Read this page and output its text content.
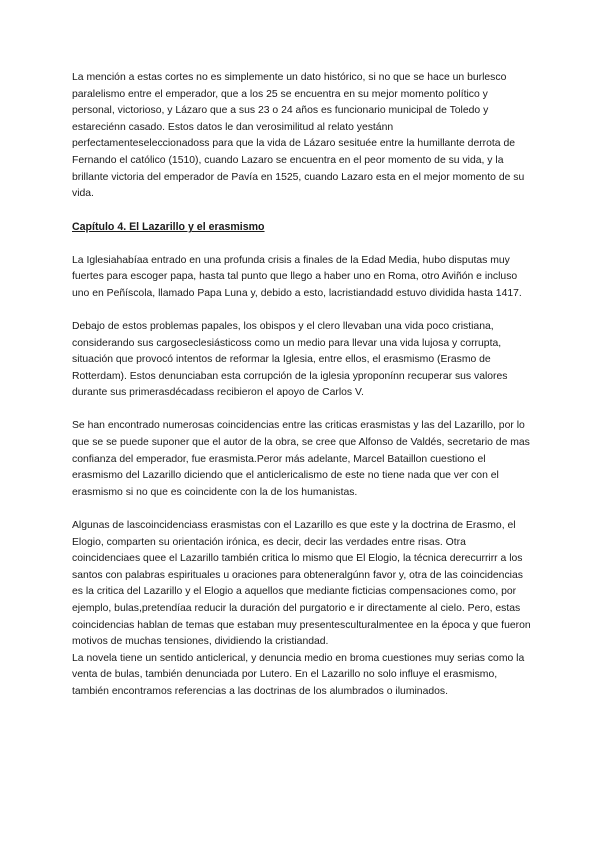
La mención a estas cortes no es simplemente un dato histórico, si no que se hace un burlesco paralelismo entre el emperador, que a los 25 se encuentra en su mejor momento político y personal, victorioso, y Lázaro que a sus 23 o 24 años es funcionario municipal de Toledo y estareciénn casado. Estos datos le dan verosimilitud al relato yestánn perfectamenteseleccionadoss para que la vida de Lázaro sesituée entre la humillante derrota de Fernando el católico (1510), cuando Lazaro se encuentra en el peor momento de su vida, y la brillante victoria del emperador de Pavía en 1525, cuando Lazaro esta en el mejor momento de su vida.

Capítulo 4. El Lazarillo y el erasmismo

La Iglesiahabíaa entrado en una profunda crisis a finales de la Edad Media, hubo disputas muy fuertes para escoger papa, hasta tal punto que llego a haber uno en Roma, otro Aviñón e incluso uno en Peñíscola, llamado Papa Luna y, debido a esto, lacristiandadd estuvo dividida hasta 1417.

Debajo de estos problemas papales, los obispos y el clero llevaban una vida poco cristiana, considerando sus cargoseclesiásticoss como un medio para llevar una vida lujosa y corrupta, situación que provocó intentos de reformar la Iglesia, entre ellos, el erasmismo (Erasmo de Rotterdam). Estos denunciaban esta corrupción de la iglesia yproponínn recuperar sus valores durante sus primerasdécadass recibieron el apoyo de Carlos V.

Se han encontrado numerosas coincidencias entre las criticas erasmistas y las del Lazarillo, por lo que se se puede suponer que el autor de la obra, se cree que Alfonso de Valdés, secretario de mas confianza del emperador, fue erasmista.Peror más adelante, Marcel Bataillon cuestiono el erasmismo del Lazarillo diciendo que el anticlericalismo de este no tiene nada que ver con el erasmismo si no que es coincidente con la de los humanistas.

Algunas de lascoincidenciass erasmistas con el Lazarillo es que este y la doctrina de Erasmo, el Elogio, comparten su orientación irónica, es decir, decir las verdades entre risas. Otra coincidenciaes quee el Lazarillo también critica lo mismo que El Elogio, la técnica derecurrirr a los santos con palabras espirituales u oraciones para obteneralgúnn favor y, otra de las coincidencias es la critica del Lazarillo y el Elogio a aquellos que mediante ficticias compensaciones como, por ejemplo, bulas,pretendíaa reducir la duración del purgatorio e ir directamente al cielo. Pero, estas coincidencias hablan de temas que estaban muy presentesculturalmentee en la época y que fueron motivos de muchas tensiones, dividiendo la cristiandad.

La novela tiene un sentido anticlerical, y denuncia medio en broma cuestiones muy serias como la venta de bulas, también denunciada por Lutero. En el Lazarillo no solo influye el erasmismo, también encontramos referencias a las doctrinas de los alumbrados o iluminados.
